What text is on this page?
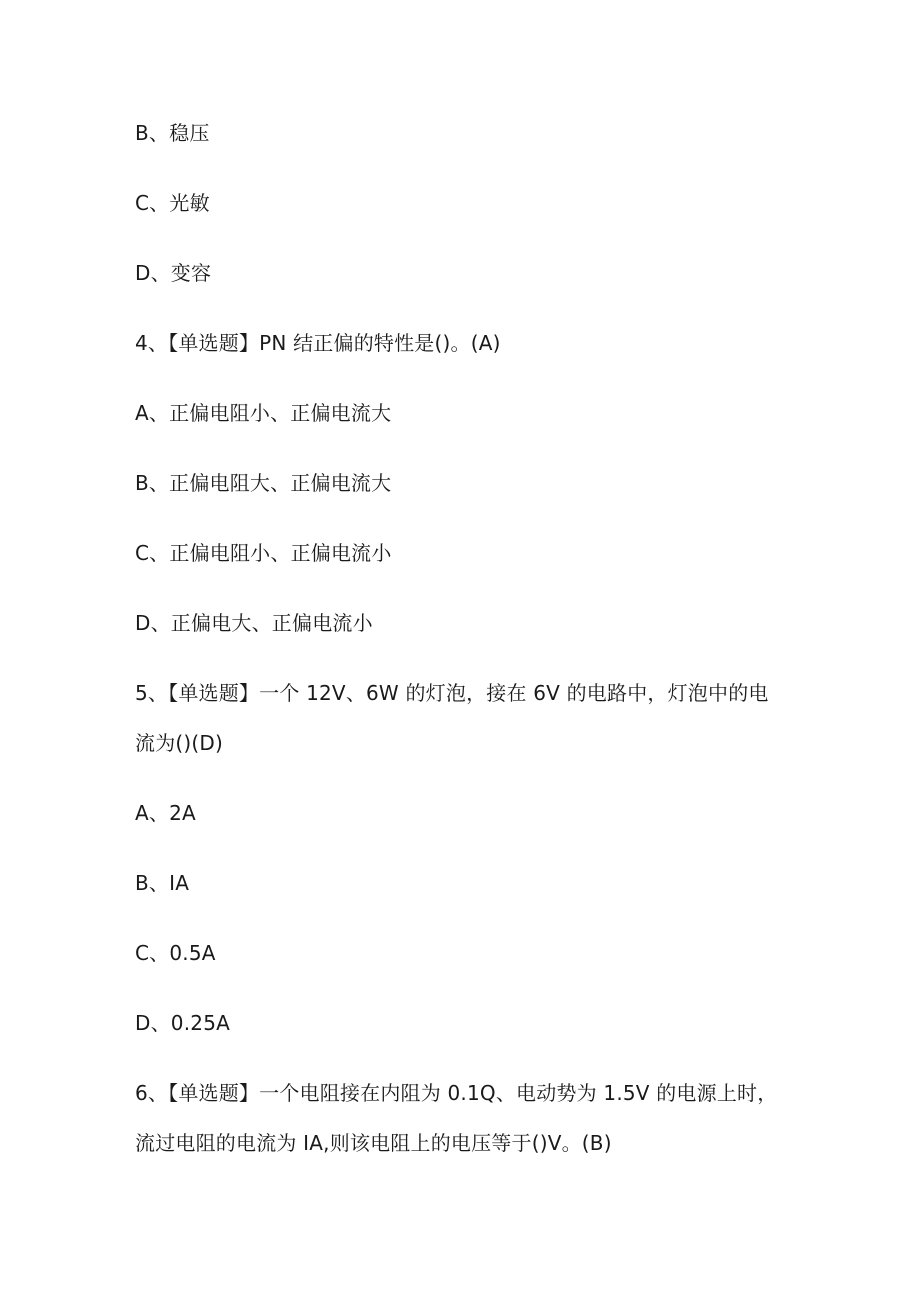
B、稳压
C、光敏
D、变容
4、【单选题】PN 结正偏的特性是()。(A)
A、正偏电阻小、正偏电流大
B、正偏电阻大、正偏电流大
C、正偏电阻小、正偏电流小
D、正偏电大、正偏电流小
5、【单选题】一个 12V、6W 的灯泡，接在 6V 的电路中，灯泡中的电
流为()(D)
A、2A
B、IA
C、0.5A
D、0.25A
6、【单选题】一个电阻接在内阻为 0.1Q、电动势为 1.5V 的电源上时，
流过电阻的电流为 IA,则该电阻上的电压等于()V。(B)
